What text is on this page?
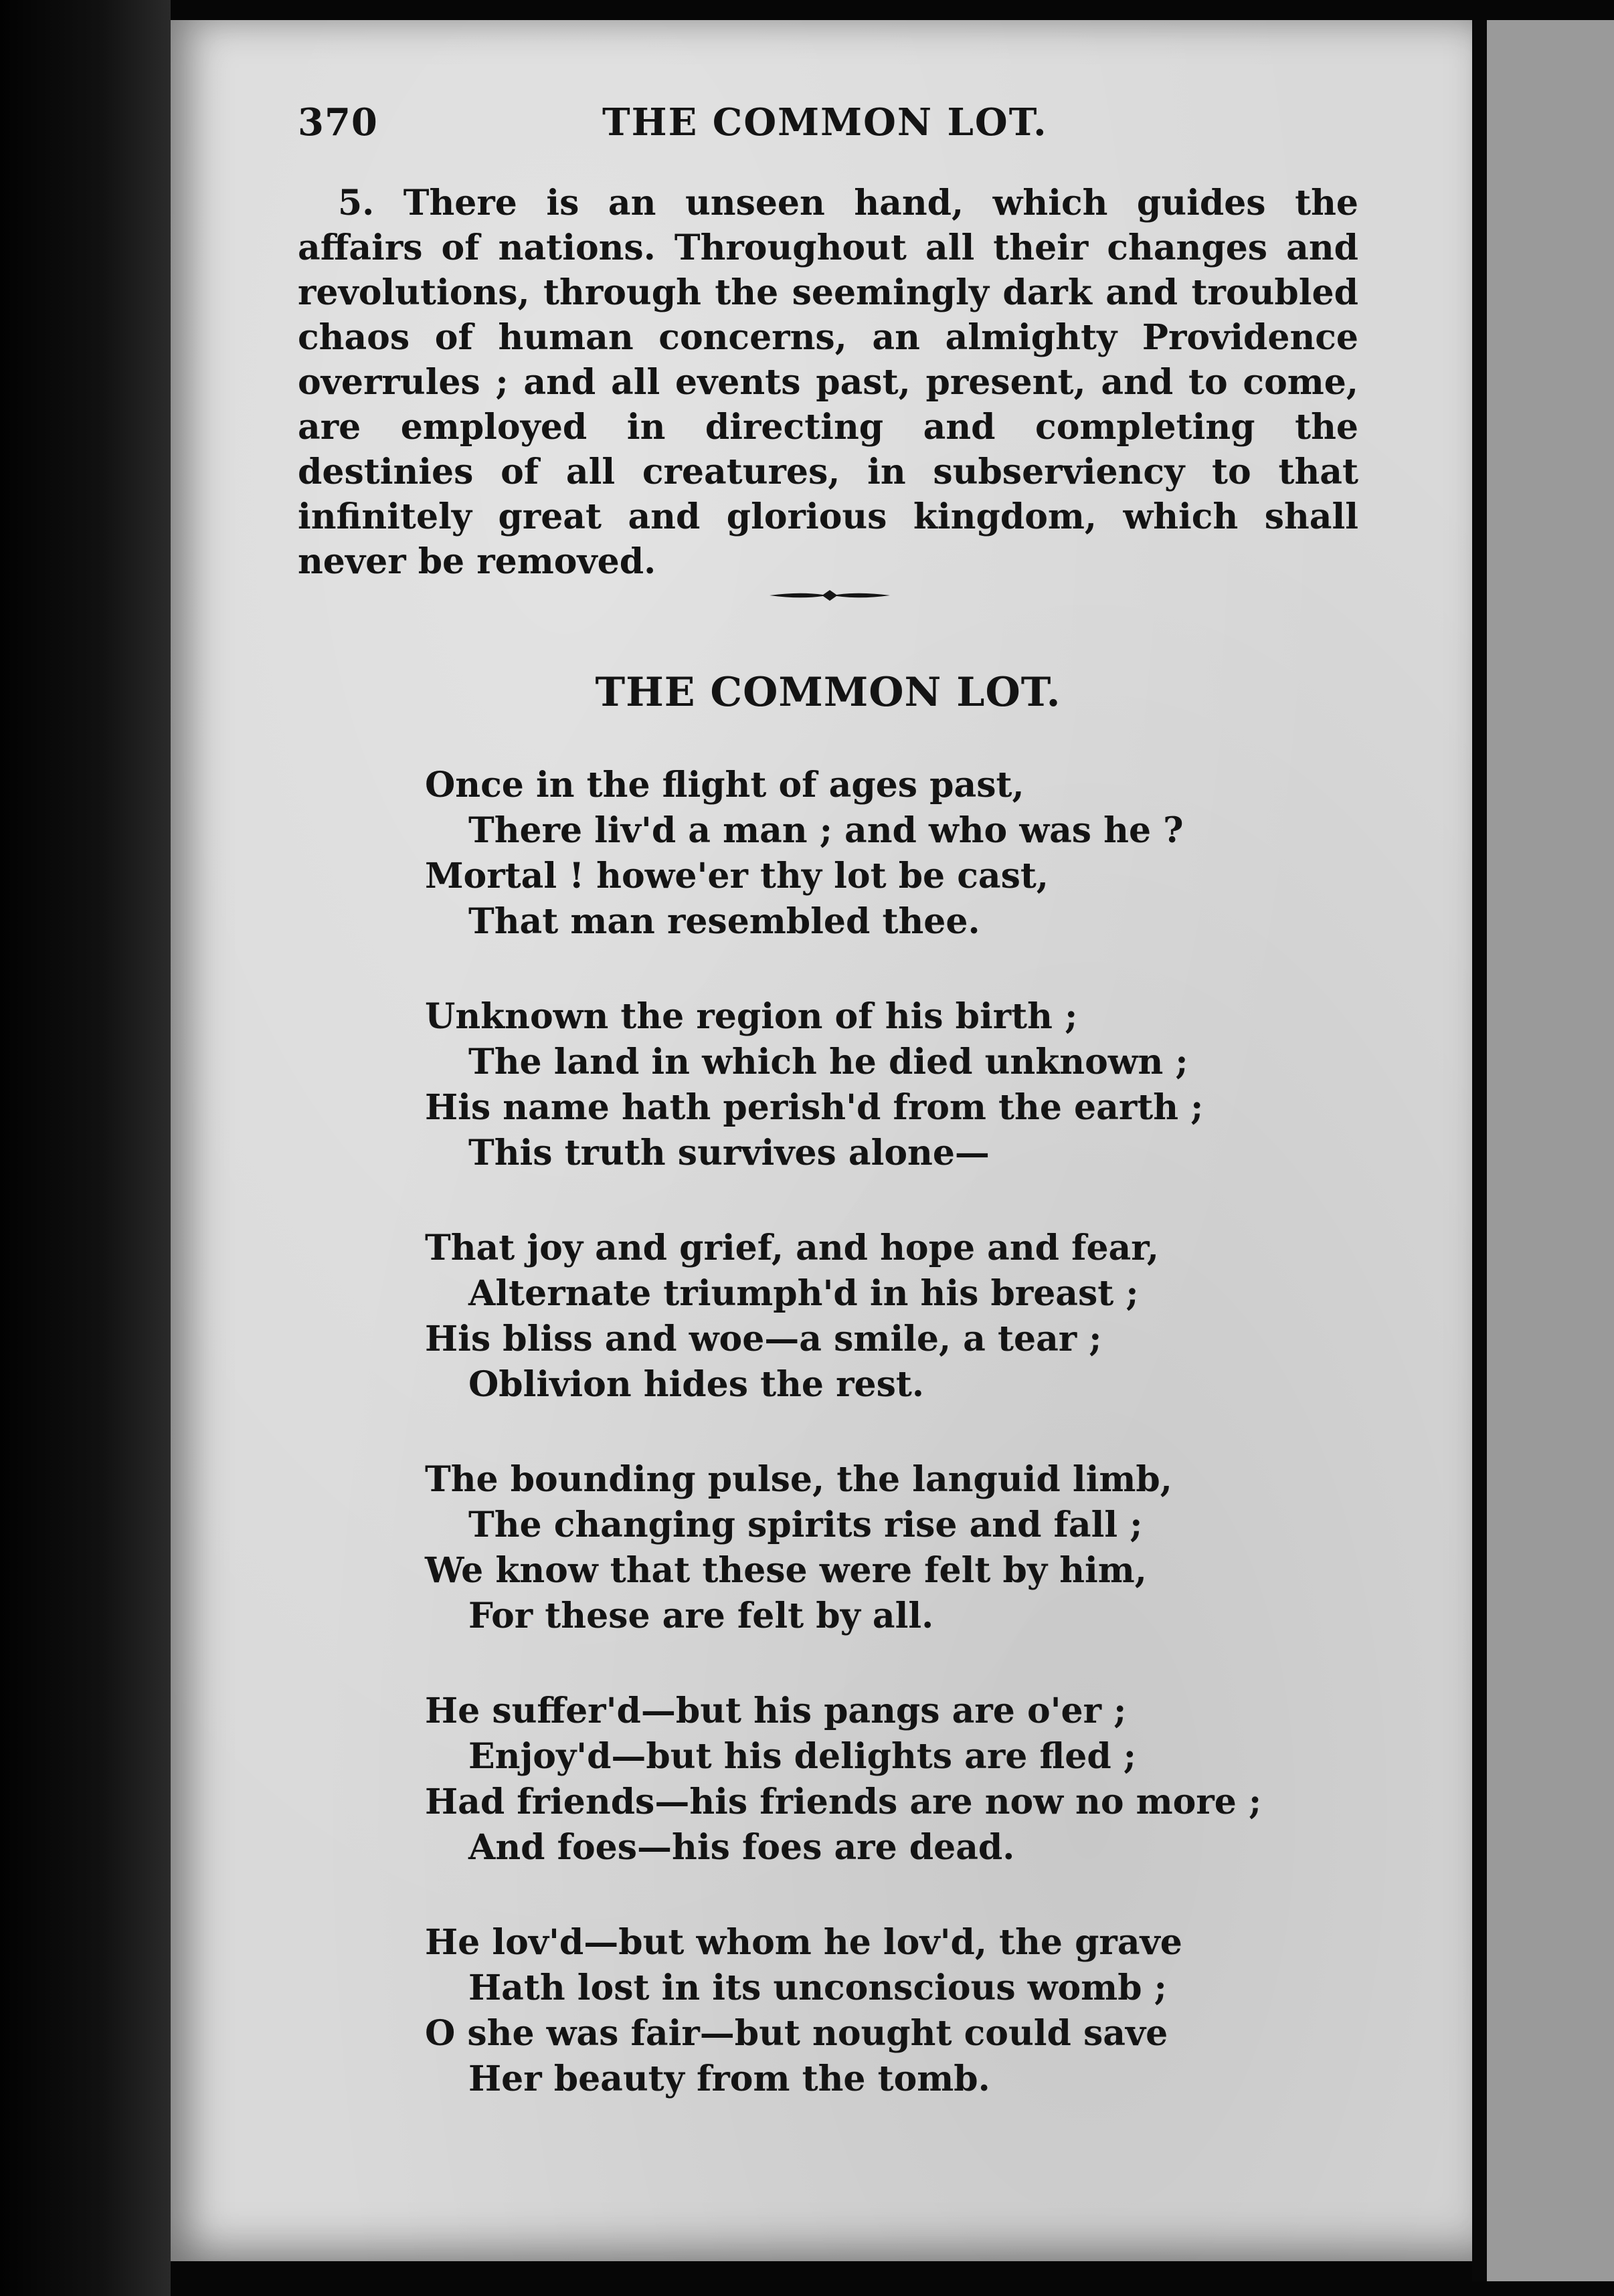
370	THE COMMON LOT.
5. There is an unseen hand, which guides the affairs of nations. Throughout all their changes and revolutions, through the seemingly dark and troubled chaos of human concerns, an almighty Providence overrules ; and all events past, present, and to come, are employed in directing and completing the destinies of all creatures, in subserviency to that infinitely great and glorious kingdom, which shall never be removed.
THE COMMON LOT.
Once in the flight of ages past,
There liv'd a man ; and who was he ?
Mortal ! howe'er thy lot be cast,
That man resembled thee.
Unknown the region of his birth ;
The land in which he died unknown ;
His name hath perish'd from the earth ;
This truth survives alone—
That joy and grief, and hope and fear,
Alternate triumph'd in his breast ;
His bliss and woe—a smile, a tear ;
Oblivion hides the rest.
The bounding pulse, the languid limb,
The changing spirits rise and fall ;
We know that these were felt by him,
For these are felt by all.
He suffer'd—but his pangs are o'er ;
Enjoy'd—but his delights are fled ;
Had friends—his friends are now no more ;
And foes—his foes are dead.
He lov'd—but whom he lov'd, the grave
Hath lost in its unconscious womb ;
O she was fair—but nought could save
Her beauty from the tomb.
